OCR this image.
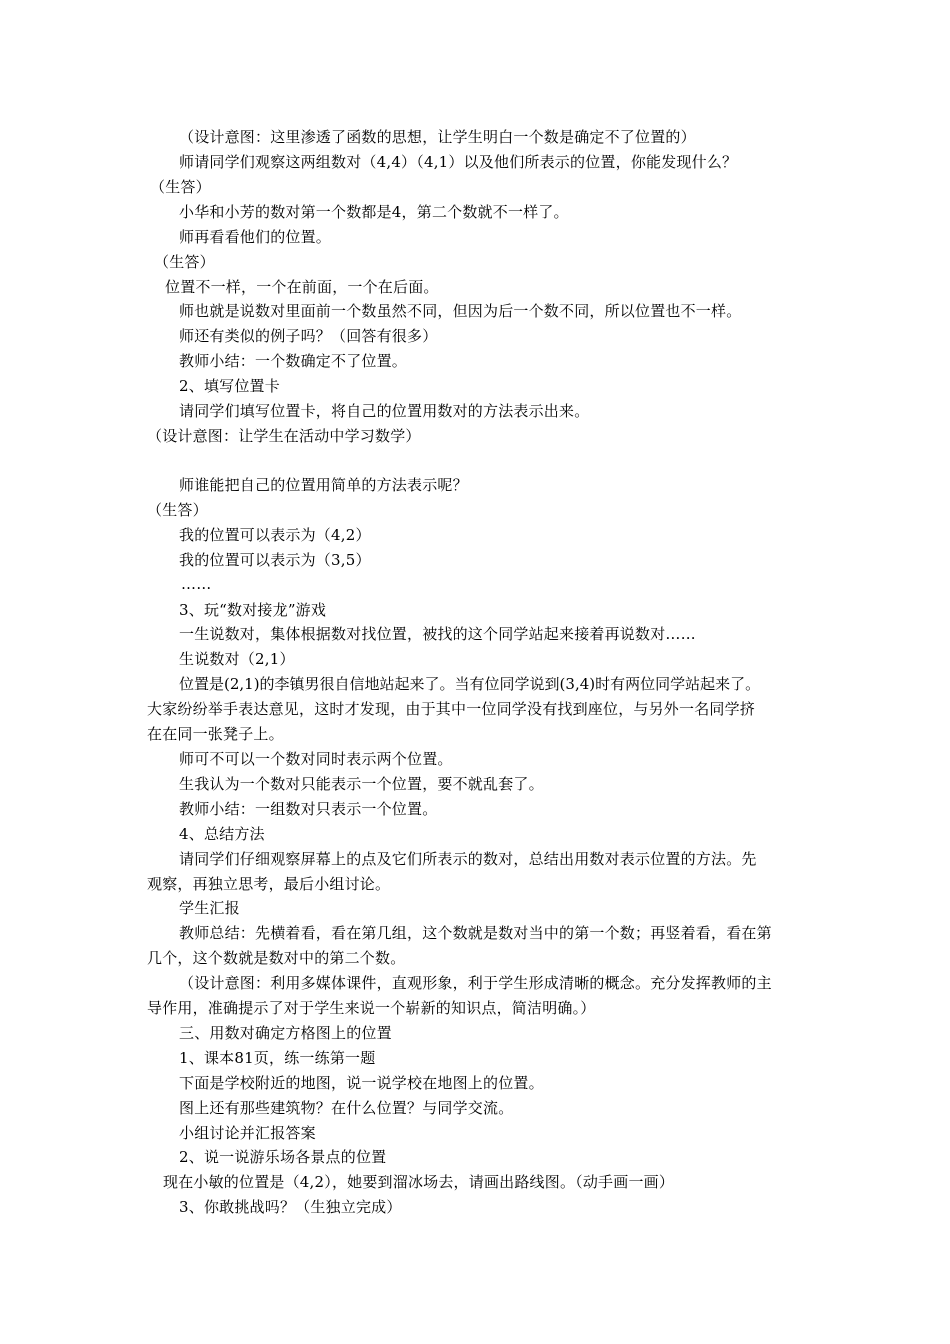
（设计意图：这里渗透了函数的思想，让学生明白一个数是确定不了位置的）
师请同学们观察这两组数对（4,4）（4,1）以及他们所表示的位置，你能发现什么？
（生答）
小华和小芳的数对第一个数都是4，第二个数就不一样了。
师再看看他们的位置。
（生答）
位置不一样，一个在前面，一个在后面。
师也就是说数对里面前一个数虽然不同，但因为后一个数不同，所以位置也不一样。
师还有类似的例子吗？（回答有很多）
教师小结：一个数确定不了位置。
2、填写位置卡
请同学们填写位置卡，将自己的位置用数对的方法表示出来。
（设计意图：让学生在活动中学习数学）
师谁能把自己的位置用简单的方法表示呢？
（生答）
我的位置可以表示为（4,2）
我的位置可以表示为（3,5）
……
3、玩“数对接龙”游戏
一生说数对，集体根据数对找位置，被找的这个同学站起来接着再说数对……
生说数对（2,1）
位置是(2,1)的李镇男很自信地站起来了。当有位同学说到(3,4)时有两位同学站起来了。
大家纷纷举手表达意见，这时才发现，由于其中一位同学没有找到座位，与另外一名同学挤
在在同一张凳子上。
师可不可以一个数对同时表示两个位置。
生我认为一个数对只能表示一个位置，要不就乱套了。
教师小结：一组数对只表示一个位置。
4、总结方法
请同学们仔细观察屏幕上的点及它们所表示的数对，总结出用数对表示位置的方法。先
观察，再独立思考，最后小组讨论。
学生汇报
教师总结：先横着看，看在第几组，这个数就是数对当中的第一个数；再竖着看，看在第
几个，这个数就是数对中的第二个数。
（设计意图：利用多媒体课件，直观形象，利于学生形成清晰的概念。充分发挥教师的主
导作用，准确提示了对于学生来说一个崭新的知识点，简洁明确。）
三、用数对确定方格图上的位置
1、课本81页，练一练第一题
下面是学校附近的地图，说一说学校在地图上的位置。
图上还有那些建筑物？在什么位置？与同学交流。
小组讨论并汇报答案
2、说一说游乐场各景点的位置
现在小敏的位置是（4,2），她要到溜冰场去，请画出路线图。（动手画一画）
3、你敢挑战吗？（生独立完成）
